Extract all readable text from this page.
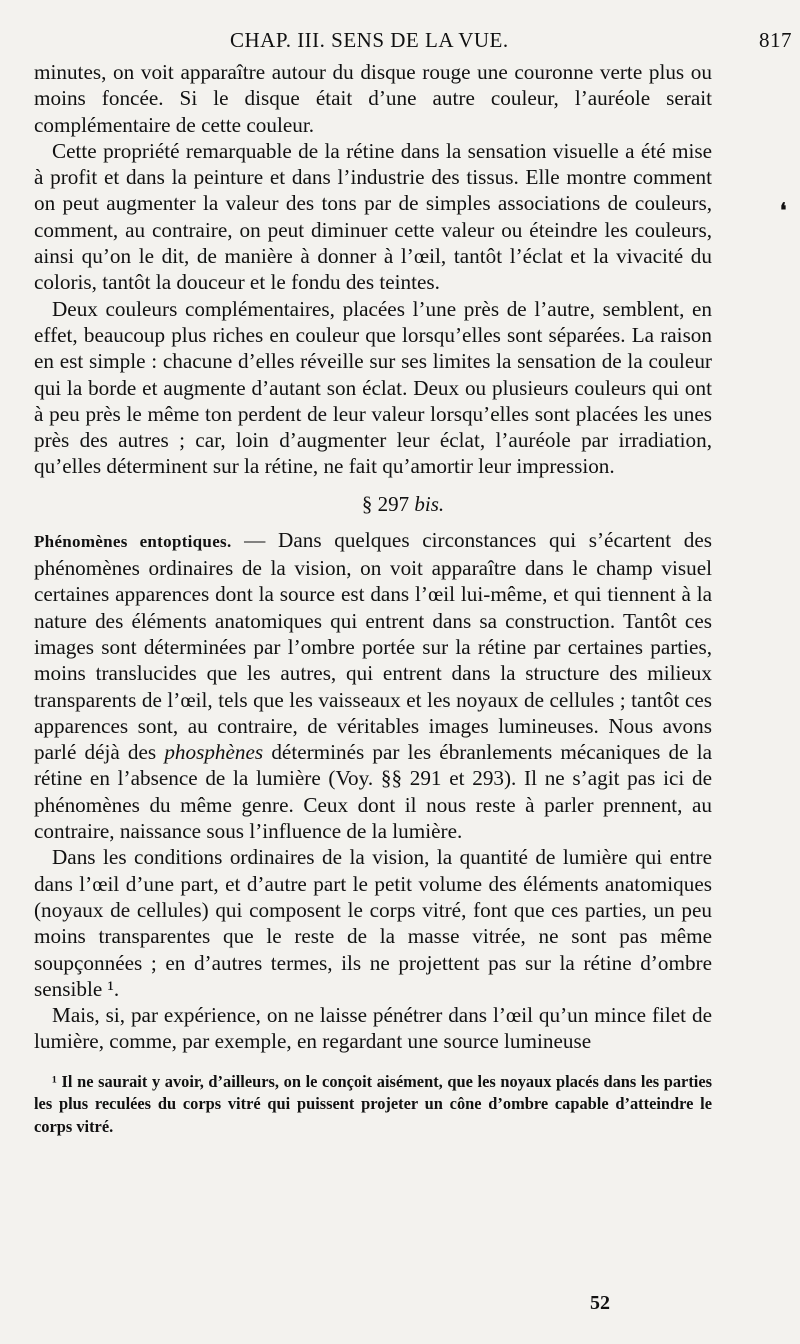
CHAP. III. SENS DE LA VUE.	817

minutes, on voit apparaître autour du disque rouge une couronne verte plus ou moins foncée. Si le disque était d’une autre couleur, l’auréole serait complémentaire de cette couleur.

Cette propriété remarquable de la rétine dans la sensation visuelle a été mise à profit et dans la peinture et dans l’industrie des tissus. Elle montre comment on peut augmenter la valeur des tons par de simples associations de couleurs, comment, au contraire, on peut diminuer cette valeur ou éteindre les couleurs, ainsi qu’on le dit, de manière à donner à l’œil, tantôt l’éclat et la vivacité du coloris, tantôt la douceur et le fondu des teintes.

Deux couleurs complémentaires, placées l’une près de l’autre, semblent, en effet, beaucoup plus riches en couleur que lorsqu’elles sont séparées. La raison en est simple : chacune d’elles réveille sur ses limites la sensation de la couleur qui la borde et augmente d’autant son éclat. Deux ou plusieurs couleurs qui ont à peu près le même ton perdent de leur valeur lorsqu’elles sont placées les unes près des autres ; car, loin d’augmenter leur éclat, l’auréole par irradiation, qu’elles déterminent sur la rétine, ne fait qu’amortir leur impression.

§ 297 bis.

Phénomènes entoptiques. — Dans quelques circonstances qui s’écartent des phénomènes ordinaires de la vision, on voit apparaître dans le champ visuel certaines apparences dont la source est dans l’œil lui-même, et qui tiennent à la nature des éléments anatomiques qui entrent dans sa construction. Tantôt ces images sont déterminées par l’ombre portée sur la rétine par certaines parties, moins translucides que les autres, qui entrent dans la structure des milieux transparents de l’œil, tels que les vaisseaux et les noyaux de cellules ; tantôt ces apparences sont, au contraire, de véritables images lumineuses. Nous avons parlé déjà des phosphènes déterminés par les ébranlements mécaniques de la rétine en l’absence de la lumière (Voy. §§ 291 et 293). Il ne s’agit pas ici de phénomènes du même genre. Ceux dont il nous reste à parler prennent, au contraire, naissance sous l’influence de la lumière.

Dans les conditions ordinaires de la vision, la quantité de lumière qui entre dans l’œil d’une part, et d’autre part le petit volume des éléments anatomiques (noyaux de cellules) qui composent le corps vitré, font que ces parties, un peu moins transparentes que le reste de la masse vitrée, ne sont pas même soupçonnées ; en d’autres termes, ils ne projettent pas sur la rétine d’ombre sensible ¹.

Mais, si, par expérience, on ne laisse pénétrer dans l’œil qu’un mince filet de lumière, comme, par exemple, en regardant une source lumineuse

¹ Il ne saurait y avoir, d’ailleurs, on le conçoit aisément, que les noyaux placés dans les parties les plus reculées du corps vitré qui puissent projeter un cône d’ombre capable d’atteindre le corps vitré.

52
❛
